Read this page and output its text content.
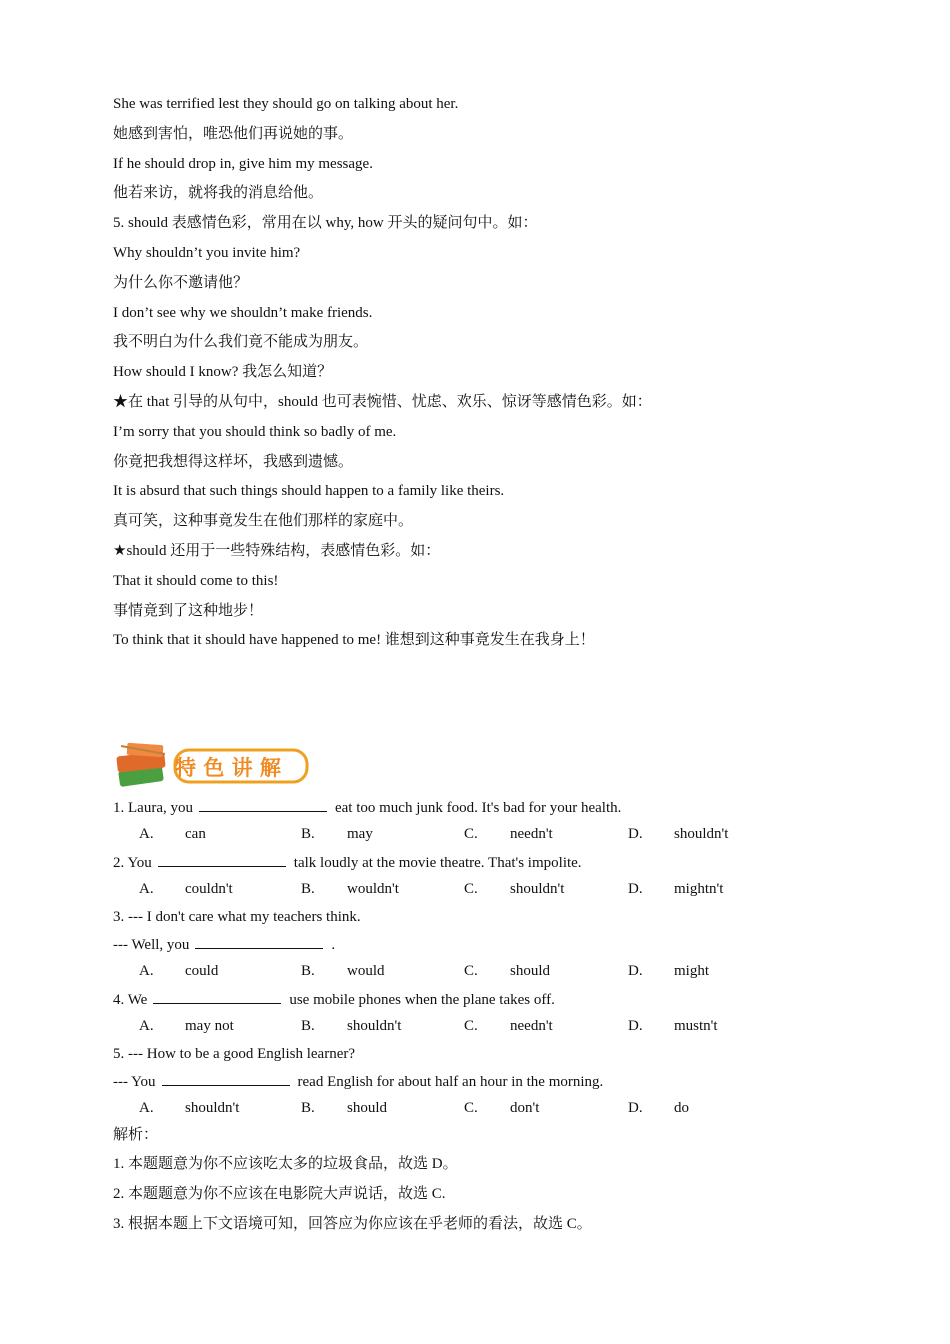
特 色 讲 解
She was terrified lest they should go on talking about her.
她感到害怕，唯恐他们再说她的事。
If he should drop in, give him my message.
他若来访，就将我的消息给他。
5. should 表感情色彩，常用在以 why, how 开头的疑问句中。如：
Why shouldn’t you invite him?
为什么你不邀请他？
I don’t see why we shouldn’t make friends.
我不明白为什么我们竟不能成为朋友。
How should I know? 我怎么知道？
★在 that 引导的从句中，should 也可表惋惜、忧虑、欢乐、惊讶等感情色彩。如：
I’m sorry that you should think so badly of me.
你竟把我想得这样坏，我感到遗憾。
It is absurd that such things should happen to a family like theirs.
真可笑，这种事竟发生在他们那样的家庭中。
★should 还用于一些特殊结构，表感情色彩。如：
That it should come to this!
事情竟到了这种地步！
To think that it should have happened to me! 谁想到这种事竟发生在我身上！
1. Laura, you	eat too much junk food. It's bad for your health.
A. can	B. may	C. needn't	D. shouldn't
2. You	talk loudly at the movie theatre. That's impolite.
A. couldn't	B. wouldn't	C. shouldn't	D. mightn't
3. --- I don't care what my teachers think.
--- Well, you	.
A. could	B. would	C. should	D. might
4. We	use mobile phones when the plane takes off.
A. may not	B. shouldn't	C. needn't	D. mustn't
5. --- How to be a good English learner?
--- You	read English for about half an hour in the morning.
A. shouldn't	B. should	C. don't	D. do
解析：
1. 本题题意为你不应该吃太多的垃圾食品，故选 D。
2. 本题题意为你不应该在电影院大声说话，故选 C.
3. 根据本题上下文语境可知，回答应为你应该在乎老师的看法，故选 C。
